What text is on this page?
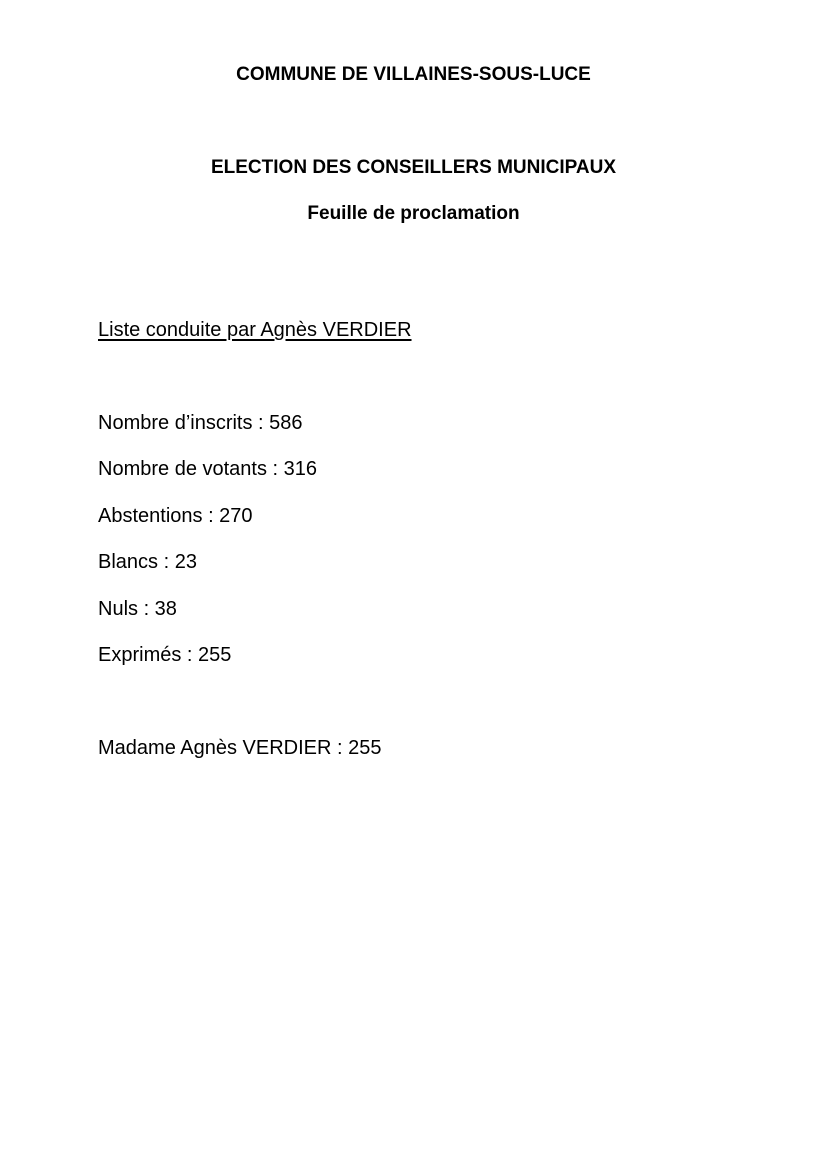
COMMUNE DE VILLAINES-SOUS-LUCE
ELECTION DES CONSEILLERS MUNICIPAUX
Feuille de proclamation
Liste conduite par Agnès VERDIER
Nombre d’inscrits : 586
Nombre de votants : 316
Abstentions : 270
Blancs : 23
Nuls : 38
Exprimés : 255
Madame Agnès VERDIER : 255
